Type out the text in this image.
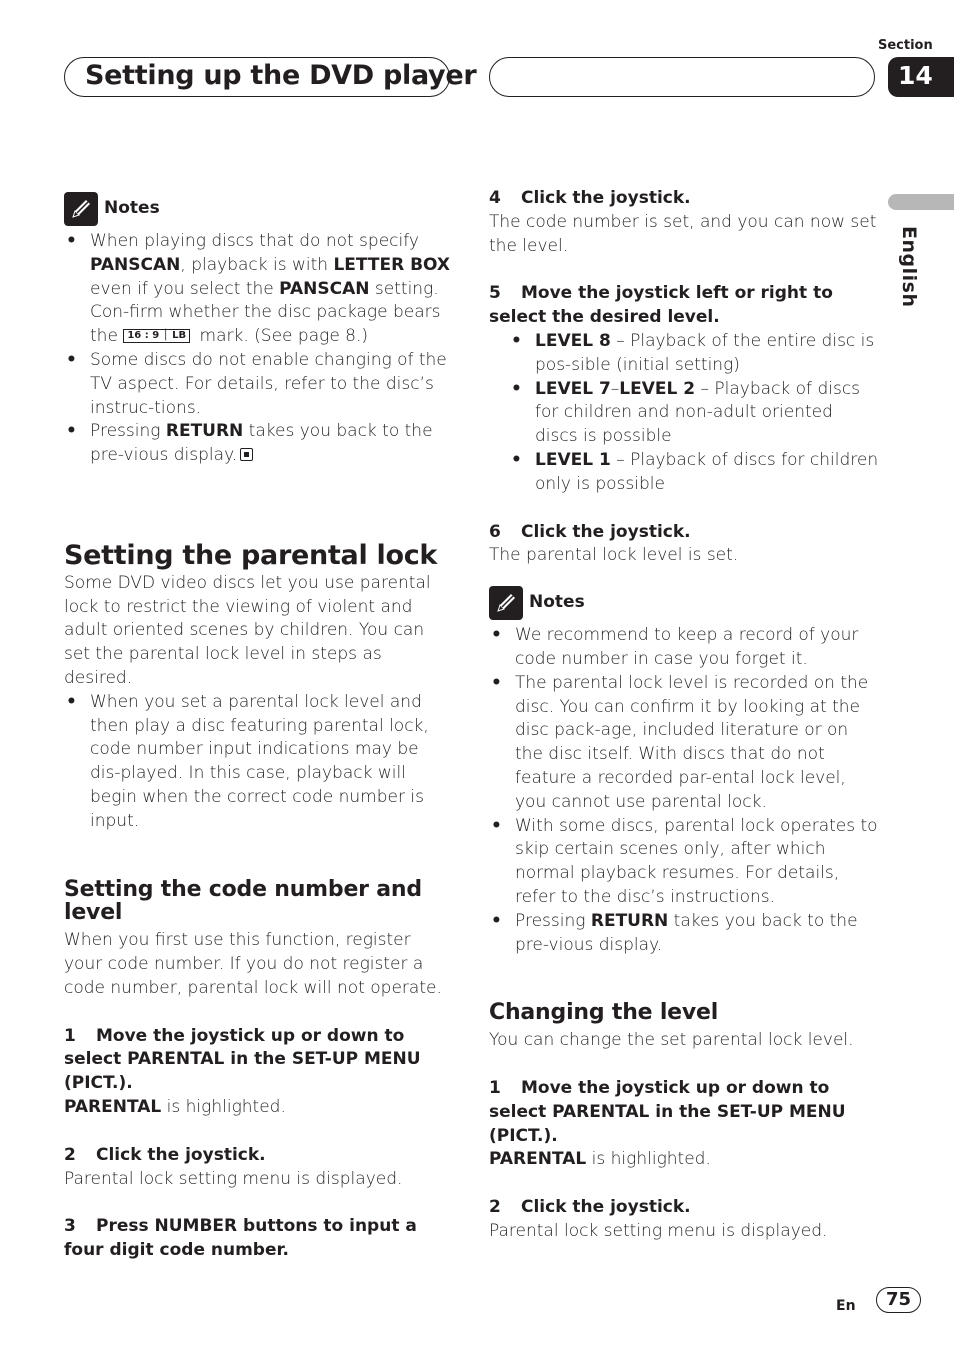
Setting up the DVD player
Section
14
English
Notes
• When playing discs that do not specify PANSCAN, playback is with LETTER BOX even if you select the PANSCAN setting. Con-firm whether the disc package bears the 16 : 9 │ LB mark. (See page 8.)
• Some discs do not enable changing of the TV aspect. For details, refer to the disc’s instruc-tions.
• Pressing RETURN takes you back to the pre-vious display.

Setting the parental lock

Some DVD video discs let you use parental lock to restrict the viewing of violent and adult oriented scenes by children. You can set the parental lock level in steps as desired.

• When you set a parental lock level and then play a disc featuring parental lock, code number input indications may be dis-played. In this case, playback will begin when the correct code number is input.

Setting the code number and level

When you first use this function, register your code number. If you do not register a code number, parental lock will not operate.

1 Move the joystick up or down to select PARENTAL in the SET-UP MENU (PICT.).

PARENTAL is highlighted.

2 Click the joystick.

Parental lock setting menu is displayed.

3 Press NUMBER buttons to input a four digit code number.

4 Click the joystick.

The code number is set, and you can now set the level.

5 Move the joystick left or right to select the desired level.

• LEVEL 8 – Playback of the entire disc is pos-sible (initial setting)
• LEVEL 7–LEVEL 2 – Playback of discs for children and non-adult oriented discs is possible
• LEVEL 1 – Playback of discs for children only is possible

6 Click the joystick.

The parental lock level is set.

Notes
• We recommend to keep a record of your code number in case you forget it.
• The parental lock level is recorded on the disc. You can confirm it by looking at the disc pack-age, included literature or on the disc itself. With discs that do not feature a recorded par-ental lock level, you cannot use parental lock.
• With some discs, parental lock operates to skip certain scenes only, after which normal playback resumes. For details, refer to the disc’s instructions.
• Pressing RETURN takes you back to the pre-vious display.

Changing the level

You can change the set parental lock level.

1 Move the joystick up or down to select PARENTAL in the SET-UP MENU (PICT.).

PARENTAL is highlighted.

2 Click the joystick.

Parental lock setting menu is displayed.

En	75
